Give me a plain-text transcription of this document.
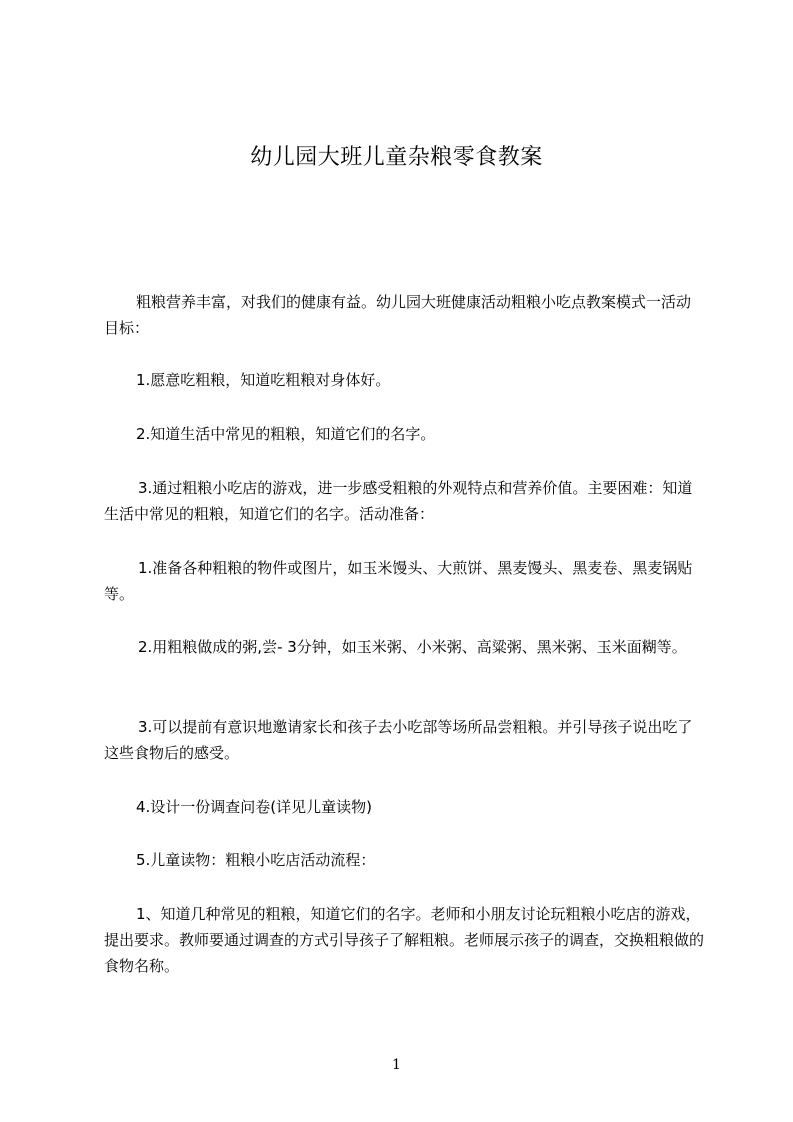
幼儿园大班儿童杂粮零食教案
粗粮营养丰富，对我们的健康有益。幼儿园大班健康活动粗粮小吃点教案模式一活动目标：
1.愿意吃粗粮，知道吃粗粮对身体好。
2.知道生活中常见的粗粮，知道它们的名字。
3.通过粗粮小吃店的游戏，进一步感受粗粮的外观特点和营养价值。主要困难：知道生活中常见的粗粮，知道它们的名字。活动准备：
1.准备各种粗粮的物件或图片，如玉米馒头、大煎饼、黑麦馒头、黑麦卷、黑麦锅贴等。
2.用粗粮做成的粥,尝- 3分钟，如玉米粥、小米粥、高粱粥、黑米粥、玉米面糊等。
3.可以提前有意识地邀请家长和孩子去小吃部等场所品尝粗粮。并引导孩子说出吃了这些食物后的感受。
4.设计一份调查问卷(详见儿童读物)
5.儿童读物：粗粮小吃店活动流程：
1、知道几种常见的粗粮，知道它们的名字。老师和小朋友讨论玩粗粮小吃店的游戏，提出要求。教师要通过调查的方式引导孩子了解粗粮。老师展示孩子的调查，交换粗粮做的食物名称。
1
